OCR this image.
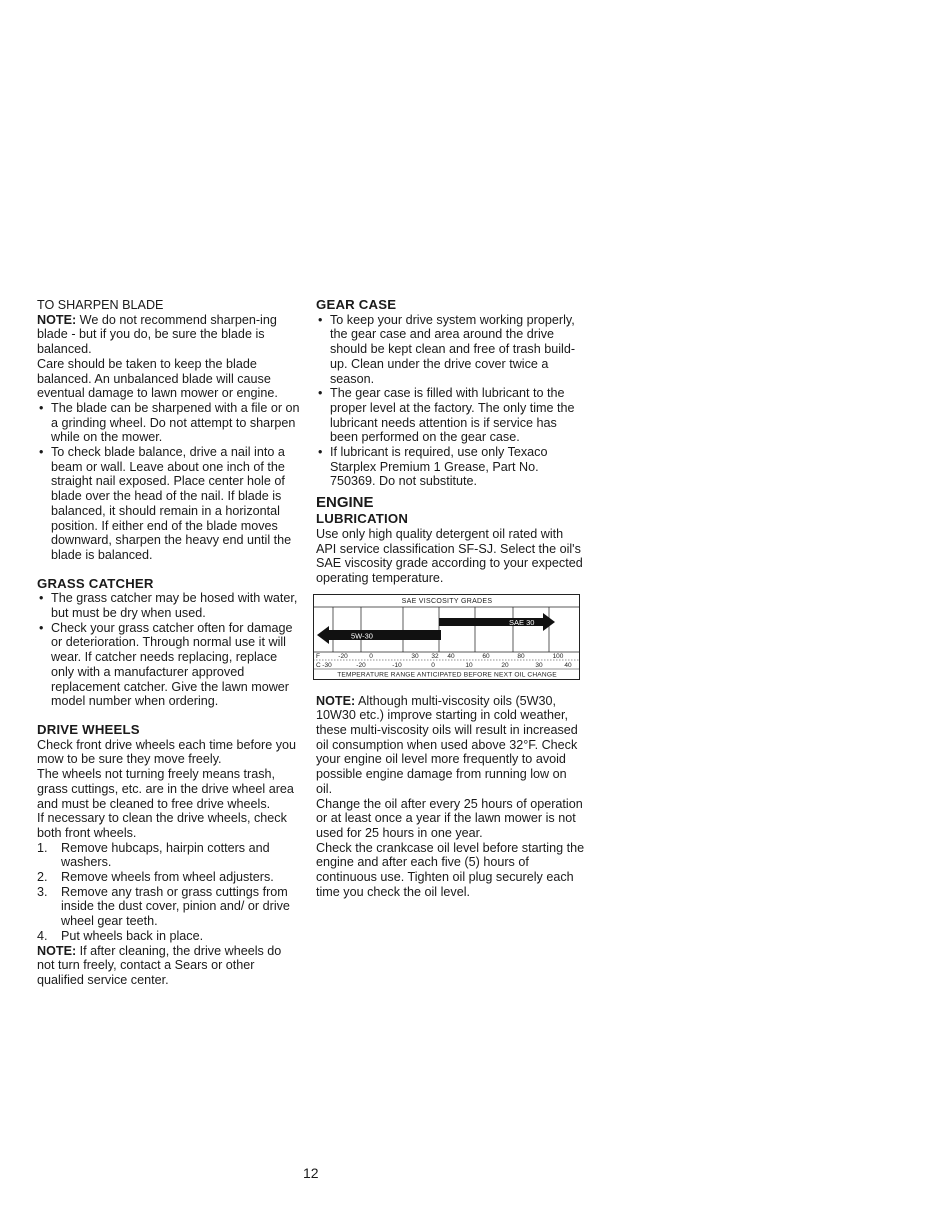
TO SHARPEN BLADE

NOTE: We do not recommend sharpen-ing blade - but if you do, be sure the blade is balanced.

Care should be taken to keep the blade balanced. An unbalanced blade will cause eventual damage to lawn mower or engine.

• The blade can be sharpened with a file or on a grinding wheel. Do not attempt to sharpen while on the mower.
• To check blade balance, drive a nail into a beam or wall. Leave about one inch of the straight nail exposed. Place center hole of blade over the head of the nail. If blade is balanced, it should remain in a horizontal position. If either end of the blade moves downward, sharpen the heavy end until the blade is balanced.

GRASS CATCHER

• The grass catcher may be hosed with water, but must be dry when used.
• Check your grass catcher often for damage or deterioration. Through normal use it will wear. If catcher needs replacing, replace only with a manufacturer approved replacement catcher. Give the lawn mower model number when ordering.

DRIVE WHEELS

Check front drive wheels each time before you mow to be sure they move freely.

The wheels not turning freely means trash, grass cuttings, etc. are in the drive wheel area and must be cleaned to free drive wheels.

If necessary to clean the drive wheels, check both front wheels.

1. Remove hubcaps, hairpin cotters and washers.
2. Remove wheels from wheel adjusters.
3. Remove any trash or grass cuttings from inside the dust cover, pinion and/ or drive wheel gear teeth.
4. Put wheels back in place.

NOTE: If after cleaning, the drive wheels do not turn freely, contact a Sears or other qualified service center.

GEAR CASE

• To keep your drive system working properly, the gear case and area around the drive should be kept clean and free of trash build-up. Clean under the drive cover twice a season.
• The gear case is filled with lubricant to the proper level at the factory. The only time the lubricant needs attention is if service has been performed on the gear case.
• If lubricant is required, use only Texaco Starplex Premium 1 Grease, Part No. 750369. Do not substitute.

ENGINE

LUBRICATION

Use only high quality detergent oil rated with API service classification SF-SJ. Select the oil's SAE viscosity grade according to your expected operating temperature.

SAE VISCOSITY GRADES
5W-30
SAE 30
F	-20	0	30 32 40	60	80	100
C -30	-20	-10	0	10	20	30	40
TEMPERATURE RANGE ANTICIPATED BEFORE NEXT OIL CHANGE

NOTE: Although multi-viscosity oils (5W30, 10W30 etc.) improve starting in cold weather, these multi-viscosity oils will result in increased oil consumption when used above 32°F. Check your engine oil level more frequently to avoid possible engine damage from running low on oil.

Change the oil after every 25 hours of operation or at least once a year if the lawn mower is not used for 25 hours in one year.

Check the crankcase oil level before starting the engine and after each five (5) hours of continuous use. Tighten oil plug securely each time you check the oil level.

12
